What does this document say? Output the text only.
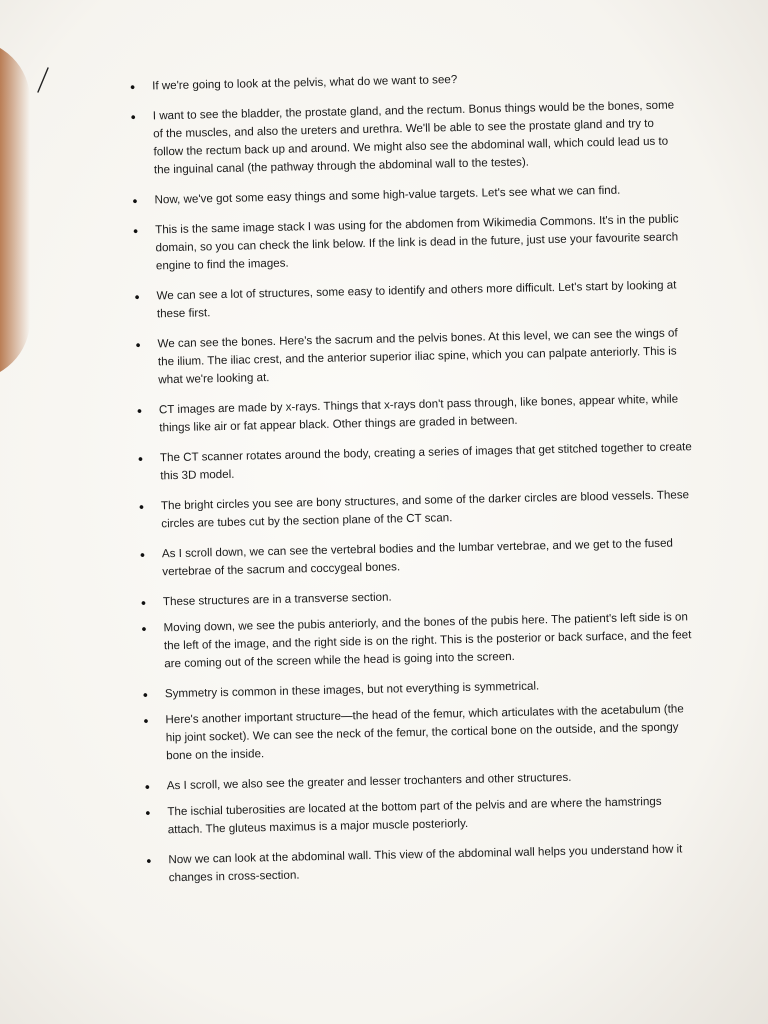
• If we're going to look at the pelvis, what do we want to see?
• I want to see the bladder, the prostate gland, and the rectum. Bonus things would be the bones, some of the muscles, and also the ureters and urethra. We'll be able to see the prostate gland and try to follow the rectum back up and around. We might also see the abdominal wall, which could lead us to the inguinal canal (the pathway through the abdominal wall to the testes).
• Now, we've got some easy things and some high-value targets. Let's see what we can find.
• This is the same image stack I was using for the abdomen from Wikimedia Commons. It's in the public domain, so you can check the link below. If the link is dead in the future, just use your favourite search engine to find the images.
• We can see a lot of structures, some easy to identify and others more difficult. Let's start by looking at these first.
• We can see the bones. Here's the sacrum and the pelvis bones. At this level, we can see the wings of the ilium. The iliac crest, and the anterior superior iliac spine, which you can palpate anteriorly. This is what we're looking at.
• CT images are made by x-rays. Things that x-rays don't pass through, like bones, appear white, while things like air or fat appear black. Other things are graded in between.
• The CT scanner rotates around the body, creating a series of images that get stitched together to create this 3D model.
• The bright circles you see are bony structures, and some of the darker circles are blood vessels. These circles are tubes cut by the section plane of the CT scan.
• As I scroll down, we can see the vertebral bodies and the lumbar vertebrae, and we get to the fused vertebrae of the sacrum and coccygeal bones.
• These structures are in a transverse section.
• Moving down, we see the pubis anteriorly, and the bones of the pubis here. The patient's left side is on the left of the image, and the right side is on the right. This is the posterior or back surface, and the feet are coming out of the screen while the head is going into the screen.
• Symmetry is common in these images, but not everything is symmetrical.
• Here's another important structure—the head of the femur, which articulates with the acetabulum (the hip joint socket). We can see the neck of the femur, the cortical bone on the outside, and the spongy bone on the inside.
• As I scroll, we also see the greater and lesser trochanters and other structures.
• The ischial tuberosities are located at the bottom part of the pelvis and are where the hamstrings attach. The gluteus maximus is a major muscle posteriorly.
• Now we can look at the abdominal wall. This view of the abdominal wall helps you understand how it changes in cross-section.
